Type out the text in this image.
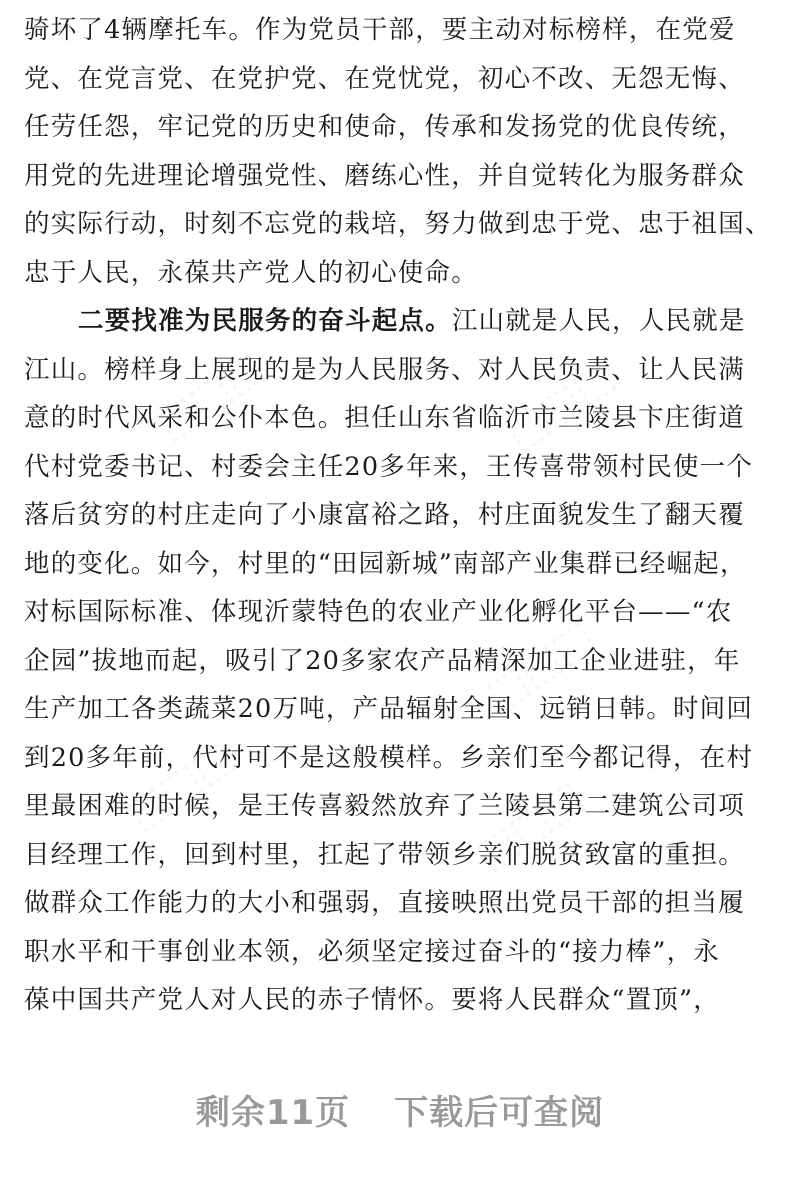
骑坏了4辆摩托车。作为党员干部，要主动对标榜样，在党爱
党、在党言党、在党护党、在党忧党，初心不改、无怨无悔、
任劳任怨，牢记党的历史和使命，传承和发扬党的优良传统，
用党的先进理论增强党性、磨练心性，并自觉转化为服务群众
的实际行动，时刻不忘党的栽培，努力做到忠于党、忠于祖国、
忠于人民，永葆共产党人的初心使命。
二要找准为民服务的奋斗起点。江山就是人民，人民就是
江山。榜样身上展现的是为人民服务、对人民负责、让人民满
意的时代风采和公仆本色。担任山东省临沂市兰陵县卞庄街道
代村党委书记、村委会主任20多年来，王传喜带领村民使一个
落后贫穷的村庄走向了小康富裕之路，村庄面貌发生了翻天覆
地的变化。如今，村里的“田园新城”南部产业集群已经崛起，
对标国际标准、体现沂蒙特色的农业产业化孵化平台——“农
企园”拔地而起，吸引了20多家农产品精深加工企业进驻，年
生产加工各类蔬菜20万吨，产品辐射全国、远销日韩。时间回
到20多年前，代村可不是这般模样。乡亲们至今都记得，在村
里最困难的时候，是王传喜毅然放弃了兰陵县第二建筑公司项
目经理工作，回到村里，扛起了带领乡亲们脱贫致富的重担。
做群众工作能力的大小和强弱，直接映照出党员干部的担当履
职水平和干事创业本领，必须坚定接过奋斗的“接力棒”，永
葆中国共产党人对人民的赤子情怀。要将人民群众“置顶”，
剩余11页 下载后可查阅
